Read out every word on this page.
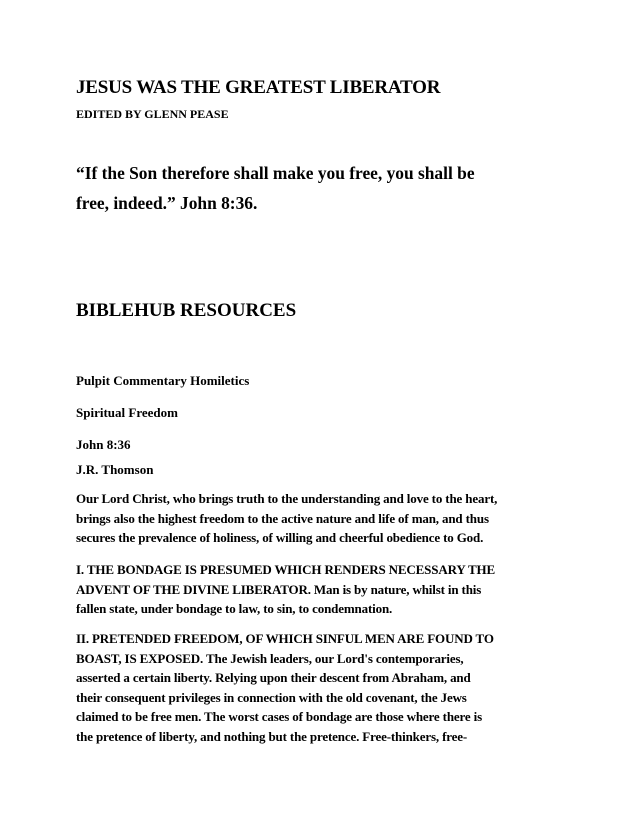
JESUS WAS THE GREATEST LIBERATOR
EDITED BY GLENN PEASE
“If the Son therefore shall make you free, you shall be
free, indeed.” John 8:36.
BIBLEHUB RESOURCES
Pulpit Commentary Homiletics
Spiritual Freedom
John 8:36
J.R. Thomson
Our Lord Christ, who brings truth to the understanding and love to the heart,
brings also the highest freedom to the active nature and life of man, and thus
secures the prevalence of holiness, of willing and cheerful obedience to God.
I. THE BONDAGE IS PRESUMED WHICH RENDERS NECESSARY THE
ADVENT OF THE DIVINE LIBERATOR. Man is by nature, whilst in this
fallen state, under bondage to law, to sin, to condemnation.
II. PRETENDED FREEDOM, OF WHICH SINFUL MEN ARE FOUND TO
BOAST, IS EXPOSED. The Jewish leaders, our Lord's contemporaries,
asserted a certain liberty. Relying upon their descent from Abraham, and
their consequent privileges in connection with the old covenant, the Jews
claimed to be free men. The worst cases of bondage are those where there is
the pretence of liberty, and nothing but the pretence. Free-thinkers, free-
